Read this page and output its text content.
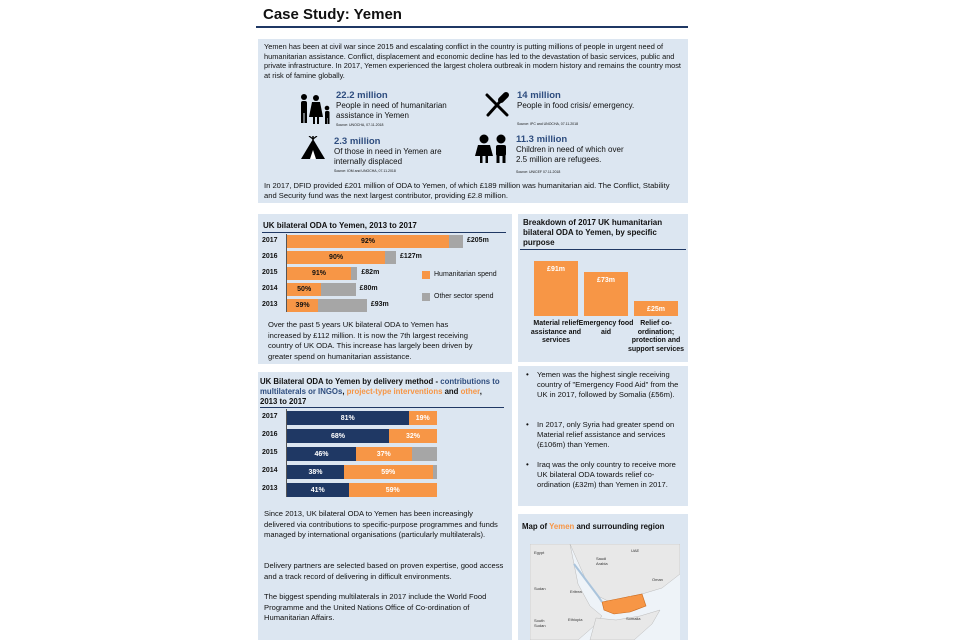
Case Study: Yemen
Yemen has been at civil war since 2015 and escalating conflict in the country is putting millions of people in urgent need of humanitarian assistance. Conflict, displacement and economic decline has led to the devastation of basic services, public and private infrastructure. In 2017, Yemen experienced the largest cholera outbreak in modern history and remains the country most at risk of famine globally.
22.2 million
People in need of humanitarian assistance in Yemen
Source: UNOCHA, 07.11.2018
14 million
People in food crisis/ emergency.
Source: IPC and UNOCHA, 07.11.2018
2.3 million
Of those in need in Yemen are internally displaced
Source: IOM and UNOCHA, 07.11.2018
11.3 million
Children in need of which over 2.5 million are refugees.
Source: UNICEF 07.11.2018
In 2017, DFID provided £201 million of ODA to Yemen, of which £189 million was humanitarian aid. The Conflict, Stability and Security fund was the next largest contributor, providing £2.8 million.
UK bilateral ODA to Yemen, 2013 to 2017
2017	92%	£205m
2016	90%	£127m
2015	91%	£82m
2014	50%	£80m
2013	39%	£93m
Humanitarian spend
Other sector spend
Over the past 5 years UK bilateral ODA to Yemen has increased by £112 million. It is now the 7th largest receiving country of UK ODA. This increase has largely been driven by greater spend on humanitarian assistance.
Breakdown of 2017 UK humanitarian bilateral ODA to Yemen, by specific purpose
£91m
Material relief assistance and services
£73m
Emergency food aid
£25m
Relief co-ordination; protection and support services
UK Bilateral ODA to Yemen by delivery method - contributions to multilaterals or INGOs, project-type interventions and other, 2013 to 2017
2017	81%	19%
2016	68%	32%
2015	46%	37%
2014	38%	59%
2013	41%	59%
Since 2013, UK bilateral ODA to Yemen has been increasingly delivered via contributions to specific-purpose programmes and funds managed by international organisations (particularly multilaterals).
Delivery partners are selected based on proven expertise, good access and a track record of delivering in difficult environments.
The biggest spending multilaterals in 2017 include the World Food Programme and the United Nations Office of Co-ordination of Humanitarian Affairs.
• Yemen was the highest single receiving country of "Emergency Food Aid" from the UK in 2017, followed by Somalia (£56m).
• In 2017, only Syria had greater spend on Material relief assistance and services (£106m) than Yemen.
• Iraq was the only country to receive more UK bilateral ODA towards relief co-ordination (£32m) than Yemen in 2017.
Map of Yemen and surrounding region
Egypt
Saudi Arabia
UAE
Oman
Sudan
Eritrea
Yemen
Ethiopia	Somalia
South Sudan
